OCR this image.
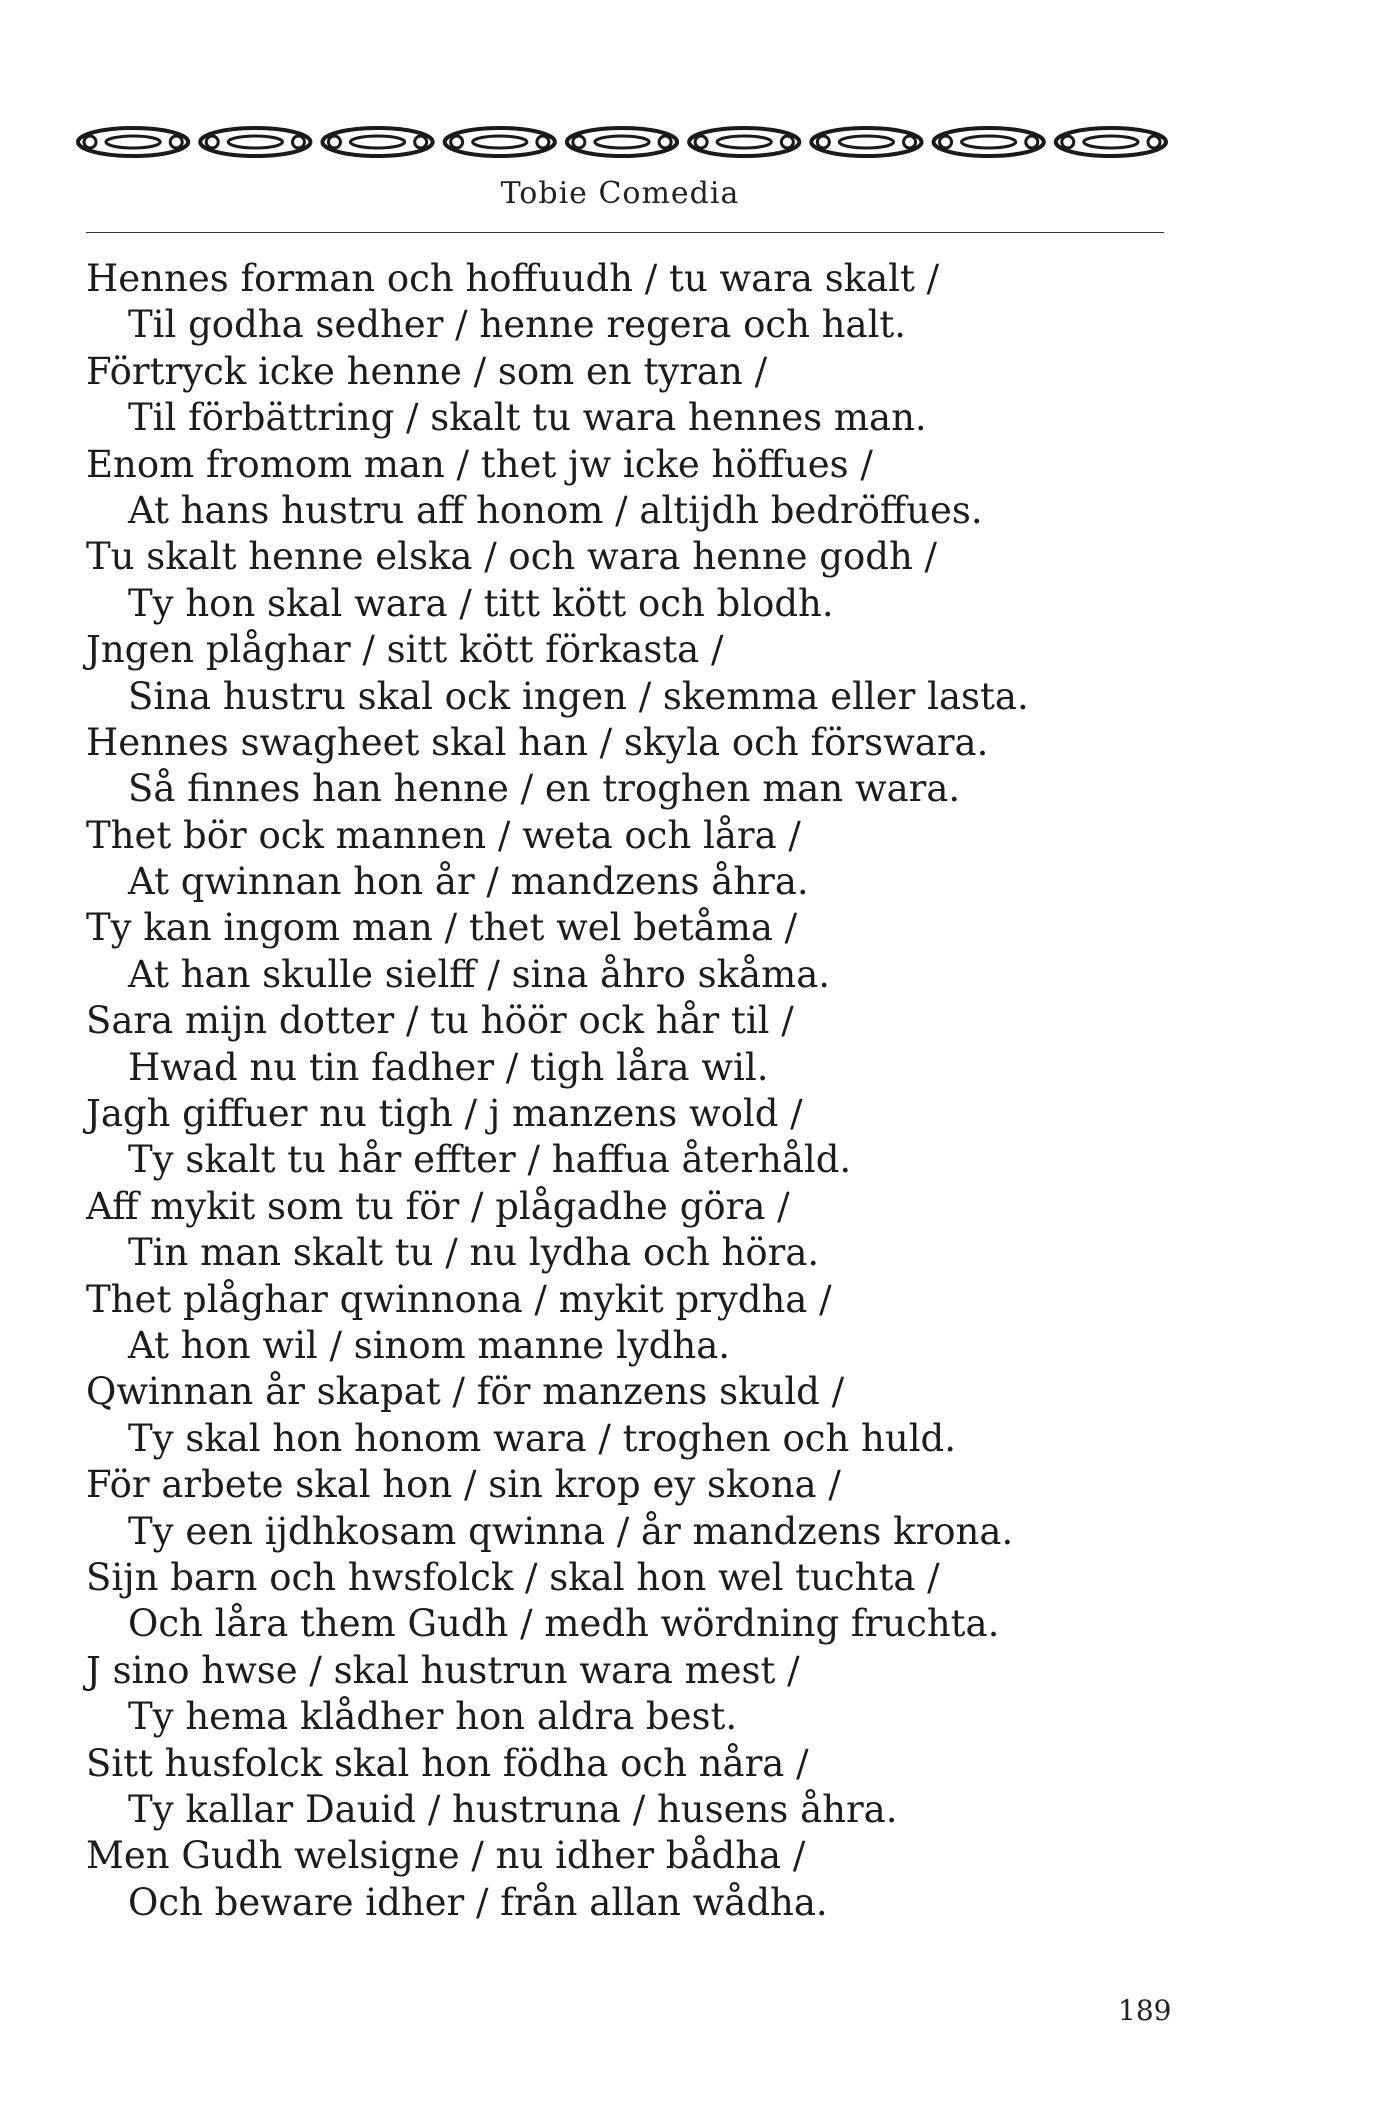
Tobie Comedia
Hennes forman och hoffuudh / tu wara skalt /
Til godha sedher / henne regera och halt.
Förtryck icke henne / som en tyran /
Til förbättring / skalt tu wara hennes man.
Enom fromom man / thet jw icke höffues /
At hans hustru aff honom / altijdh bedröffues.
Tu skalt henne elska / och wara henne godh /
Ty hon skal wara / titt kött och blodh.
Jngen plåghar / sitt kött förkasta /
Sina hustru skal ock ingen / skemma eller lasta.
Hennes swagheet skal han / skyla och förswara.
Så finnes han henne / en troghen man wara.
Thet bör ock mannen / weta och låra /
At qwinnan hon år / mandzens åhra.
Ty kan ingom man / thet wel betåma /
At han skulle sielff / sina åhro skåma.
Sara mijn dotter / tu höör ock hår til /
Hwad nu tin fadher / tigh låra wil.
Jagh giffuer nu tigh / j manzens wold /
Ty skalt tu hår effter / haffua återhåld.
Aff mykit som tu för / plågadhe göra /
Tin man skalt tu / nu lydha och höra.
Thet plåghar qwinnona / mykit prydha /
At hon wil / sinom manne lydha.
Qwinnan år skapat / för manzens skuld /
Ty skal hon honom wara / troghen och huld.
För arbete skal hon / sin krop ey skona /
Ty een ijdhkosam qwinna / år mandzens krona.
Sijn barn och hwsfolck / skal hon wel tuchta /
Och låra them Gudh / medh wördning fruchta.
J sino hwse / skal hustrun wara mest /
Ty hema klådher hon aldra best.
Sitt husfolck skal hon födha och nåra /
Ty kallar Dauid / hustruna / husens åhra.
Men Gudh welsigne / nu idher bådha /
Och beware idher / från allan wådha.
189
